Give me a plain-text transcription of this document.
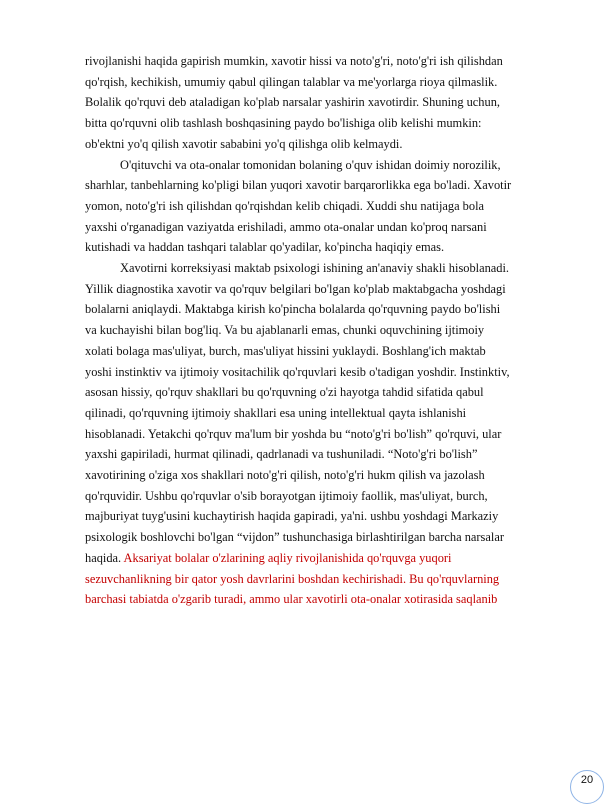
rivojlanishi haqida gapirish mumkin, xavotir hissi va noto'g'ri, noto'g'ri ish qilishdan
qo'rqish, kechikish, umumiy qabul qilingan talablar va me'yorlarga rioya qilmaslik.
Bolalik qo'rquvi deb ataladigan ko'plab narsalar yashirin xavotirdir. Shuning uchun,
bitta qo'rquvni olib tashlash boshqasining paydo bo'lishiga olib kelishi mumkin:
ob'ektni yo'q qilish xavotir sababini yo'q qilishga olib kelmaydi.
O'qituvchi va ota-onalar tomonidan bolaning o'quv ishidan doimiy norozilik,
sharhlar, tanbehlarning ko'pligi bilan yuqori xavotir barqarorlikka ega bo'ladi. Xavotir
yomon, noto'g'ri ish qilishdan qo'rqishdan kelib chiqadi. Xuddi shu natijaga bola
yaxshi o'rganadigan vaziyatda erishiladi, ammo ota-onalar undan ko'proq narsani
kutishadi va haddan tashqari talablar qo'yadilar, ko'pincha haqiqiy emas.
Xavotirni korreksiyasi maktab psixologi ishining an'anaviy shakli hisoblanadi.
Yillik diagnostika xavotir va qo'rquv belgilari bo'lgan ko'plab maktabgacha yoshdagi
bolalarni aniqlaydi. Maktabga kirish ko'pincha bolalarda qo'rquvning paydo bo'lishi
va kuchayishi bilan bog'liq. Va bu ajablanarli emas, chunki oquvchining ijtimoiy
xolati bolaga mas'uliyat, burch, mas'uliyat hissini yuklaydi. Boshlang'ich maktab
yoshi instinktiv va ijtimoiy vositachilik qo'rquvlari kesib o'tadigan yoshdir. Instinktiv,
asosan hissiy, qo'rquv shakllari bu qo'rquvning o'zi hayotga tahdid sifatida qabul
qilinadi, qo'rquvning ijtimoiy shakllari esa uning intellektual qayta ishlanishi
hisoblanadi. Yetakchi qo'rquv ma'lum bir yoshda bu “noto'g'ri bo'lish” qo'rquvi, ular
yaxshi gapiriladi, hurmat qilinadi, qadrlanadi va tushuniladi. “Noto'g'ri bo'lish”
xavotirining o'ziga xos shakllari noto'g'ri qilish, noto'g'ri hukm qilish va jazolash
qo'rquvidir. Ushbu qo'rquvlar o'sib borayotgan ijtimoiy faollik, mas'uliyat, burch,
majburiyat tuyg'usini kuchaytirish haqida gapiradi, ya'ni. ushbu yoshdagi Markaziy
psixologik boshlovchi bo'lgan “vijdon” tushunchasiga birlashtirilgan barcha narsalar
haqida. Aksariyat bolalar o'zlarining aqliy rivojlanishida qo'rquvga yuqori
sezuvchanlikning bir qator yosh davrlarini boshdan kechirishadi. Bu qo'rquvlarning
barchasi tabiatda o'zgarib turadi, ammo ular xavotirli ota-onalar xotirasida saqlanib
20
